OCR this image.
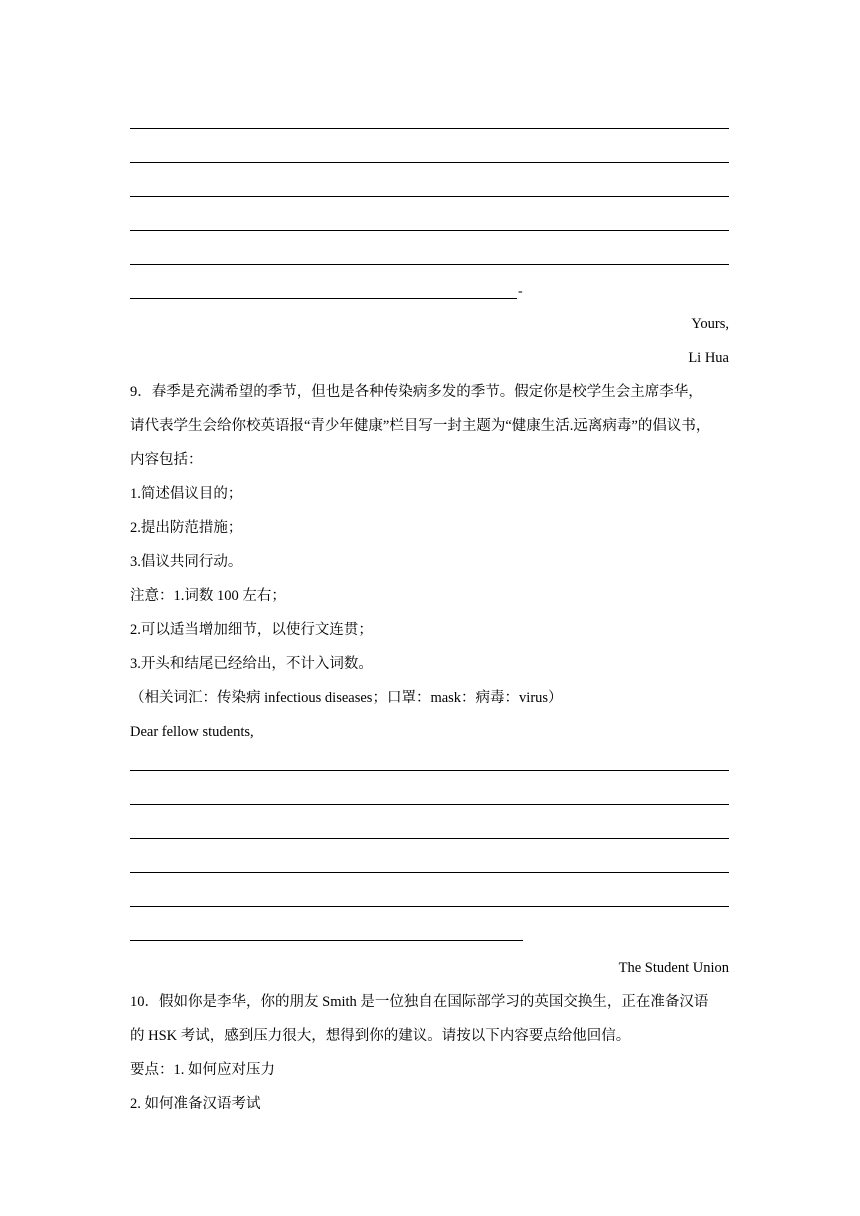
-
Yours,
Li Hua
9．春季是充满希望的季节，但也是各种传染病多发的季节。假定你是校学生会主席李华，
请代表学生会给你校英语报“青少年健康”栏目写一封主题为“健康生活.远离病毒”的倡议书，
内容包括：
1.简述倡议目的；
2.提出防范措施；
3.倡议共同行动。
注意：1.词数 100 左右；
2.可以适当增加细节，以使行文连贯；
3.开头和结尾已经给出，不计入词数。
（相关词汇：传染病 infectious diseases；口罩：mask：病毒：virus）
Dear fellow students,
The Student Union
10．假如你是李华，你的朋友 Smith 是一位独自在国际部学习的英国交换生，正在准备汉语
的 HSK 考试，感到压力很大，想得到你的建议。请按以下内容要点给他回信。
要点：1. 如何应对压力
2. 如何准备汉语考试
